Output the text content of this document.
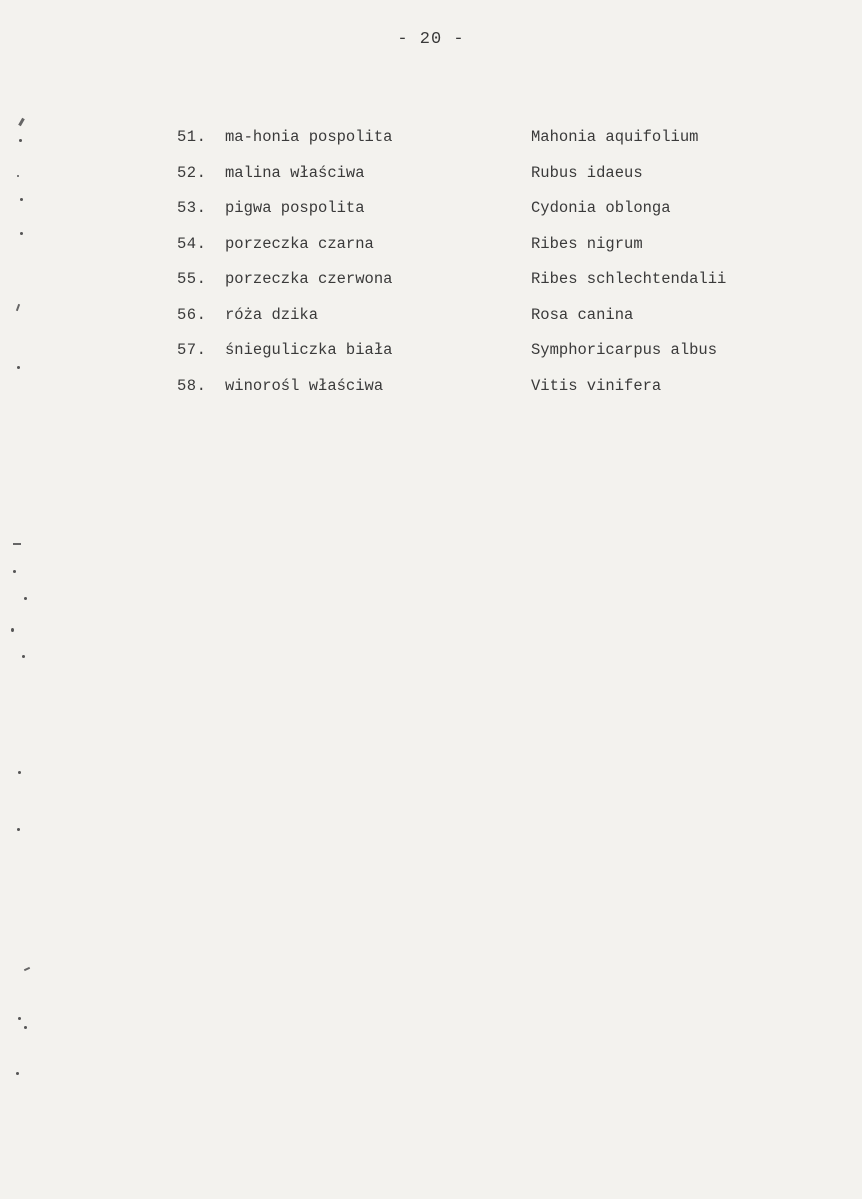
- 20 -
51.	ma-honia pospolita	Mahonia aquifolium
52.	malina właściwa	Rubus idaeus
53.	pigwa pospolita	Cydonia oblonga
54.	porzeczka czarna	Ribes nigrum
55.	porzeczka czerwona	Ribes schlechtendalii
56.	róża dzika	Rosa canina
57.	śnieguliczka biała	Symphoricarpus albus
58.	winorośl właściwa	Vitis vinifera
